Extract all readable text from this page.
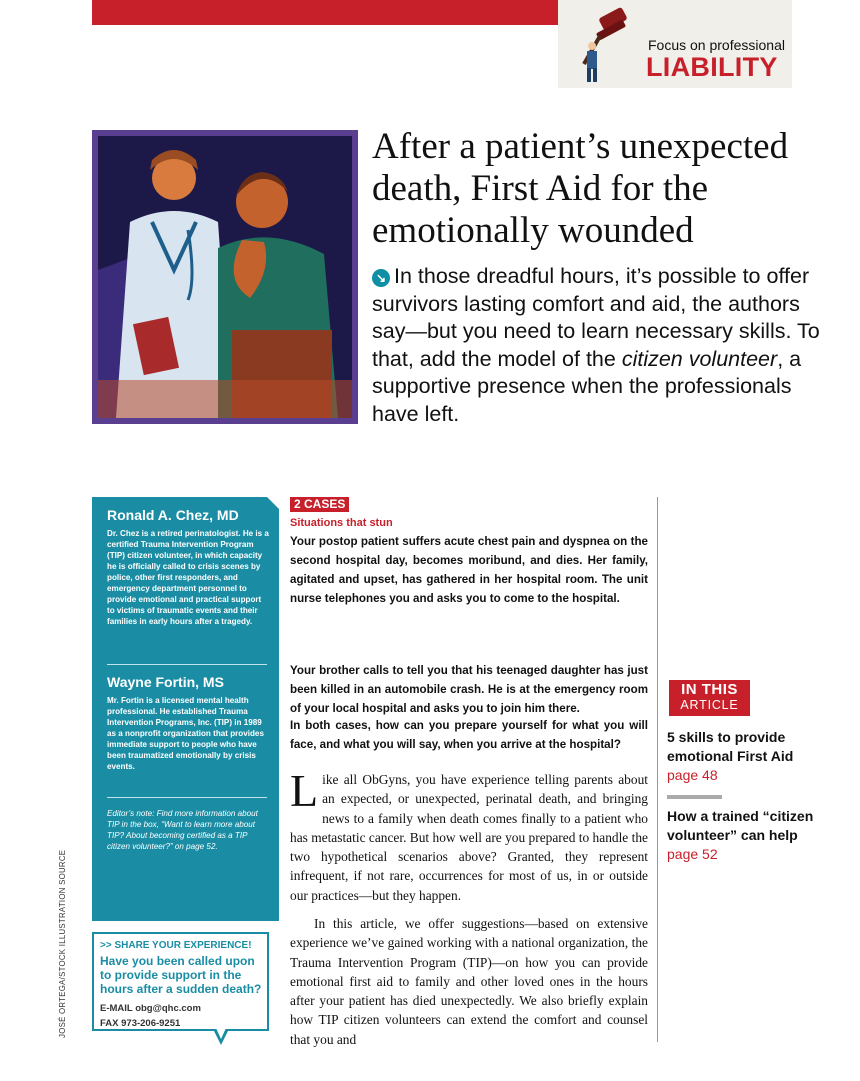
Focus on professional
LIABILITY
After a patient’s unexpected death, First Aid for the emotionally wounded

↘ In those dreadful hours, it’s possible to offer survivors lasting comfort and aid, the authors say—but you need to learn necessary skills. To that, add the model of the citizen volunteer, a supportive presence when the professionals have left.

Ronald A. Chez, MD

Dr. Chez is a retired perinatologist. He is a certified Trauma Intervention Program (TIP) citizen volunteer, in which capacity he is officially called to crisis scenes by police, other first responders, and emergency department personnel to provide emotional and practical support to victims of traumatic events and their families in early hours after a tragedy.

Wayne Fortin, MS

Mr. Fortin is a licensed mental health professional. He established Trauma Intervention Programs, Inc. (TIP) in 1989 as a nonprofit organization that provides immediate support to people who have been traumatized emotionally by crisis events.

Editor’s note: Find more information about TIP in the box, “Want to learn more about TIP? About becoming certified as a TIP citizen volunteer?” on page 52.

JOSÉ ORTEGA/STOCK ILLUSTRATION SOURCE	>> SHARE YOUR EXPERIENCE!

Have you been called upon to provide support in the hours after a sudden death?

E-MAIL obg@qhc.com
FAX 973-206-9251
2 CASES
Situations that stun

Your postop patient suffers acute chest pain and dyspnea on the second hospital day, becomes moribund, and dies. Her family, agitated and upset, has gathered in her hospital room. The unit nurse telephones you and asks you to come to the hospital.

Your brother calls to tell you that his teenaged daughter has just been killed in an automobile crash. He is at the emergency room of your local hospital and asks you to join him there.

In both cases, how can you prepare yourself for what you will face, and what you will say, when you arrive at the hospital?

Like all ObGyns, you have experience telling parents about an expected, or unexpected, perinatal death, and bringing news to a family when death comes finally to a patient who has metastatic cancer. But how well are you prepared to handle the two hypothetical scenarios above? Granted, they represent infrequent, if not rare, occurrences for most of us, in or outside our practices—but they happen.

In this article, we offer suggestions—based on extensive experience we’ve gained working with a national organization, the Trauma Intervention Program (TIP)—on how you can provide emotional first aid to family and other loved ones in the hours after your patient has died unexpectedly. We also briefly explain how TIP citizen volunteers can extend the comfort and counsel that you and

IN THIS
ARTICLE

5 skills to provide emotional First Aid

page 48

How a trained “citizen volunteer” can help

page 52
